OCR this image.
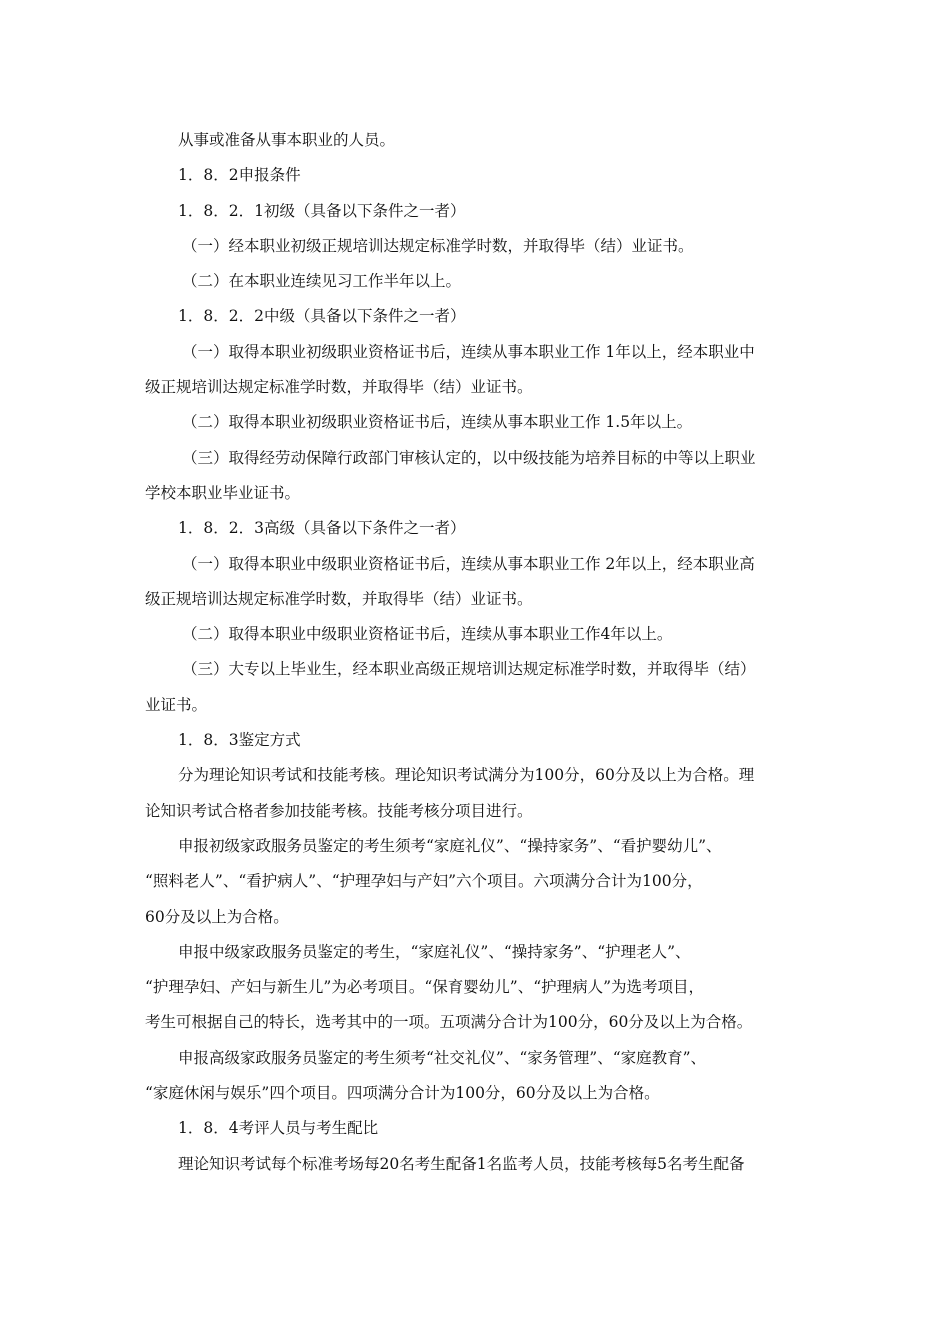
从事或准备从事本职业的人员。
1．8．2申报条件
1．8．2．1初级（具备以下条件之一者）
（一）经本职业初级正规培训达规定标准学时数，并取得毕（结）业证书。
（二）在本职业连续见习工作半年以上。
1．8．2．2中级（具备以下条件之一者）
（一）取得本职业初级职业资格证书后，连续从事本职业工作 1年以上，经本职业中
级正规培训达规定标准学时数，并取得毕（结）业证书。
（二）取得本职业初级职业资格证书后，连续从事本职业工作 1.5年以上。
（三）取得经劳动保障行政部门审核认定的，以中级技能为培养目标的中等以上职业
学校本职业毕业证书。
1．8．2．3高级（具备以下条件之一者）
（一）取得本职业中级职业资格证书后，连续从事本职业工作 2年以上，经本职业高
级正规培训达规定标准学时数，并取得毕（结）业证书。
（二）取得本职业中级职业资格证书后，连续从事本职业工作4年以上。
（三）大专以上毕业生，经本职业高级正规培训达规定标准学时数，并取得毕（结）
业证书。
1．8．3鉴定方式
分为理论知识考试和技能考核。理论知识考试满分为100分，60分及以上为合格。理
论知识考试合格者参加技能考核。技能考核分项目进行。
申报初级家政服务员鉴定的考生须考“家庭礼仪”、“操持家务”、“看护婴幼儿”、
“照料老人”、“看护病人”、“护理孕妇与产妇”六个项目。六项满分合计为100分，
60分及以上为合格。
申报中级家政服务员鉴定的考生，“家庭礼仪”、“操持家务”、“护理老人”、
“护理孕妇、产妇与新生儿”为必考项目。“保育婴幼儿”、“护理病人”为选考项目，
考生可根据自己的特长，选考其中的一项。五项满分合计为100分，60分及以上为合格。
申报高级家政服务员鉴定的考生须考“社交礼仪”、“家务管理”、“家庭教育”、
“家庭休闲与娱乐”四个项目。四项满分合计为100分，60分及以上为合格。
1．8．4考评人员与考生配比
理论知识考试每个标准考场每20名考生配备1名监考人员，技能考核每5名考生配备
